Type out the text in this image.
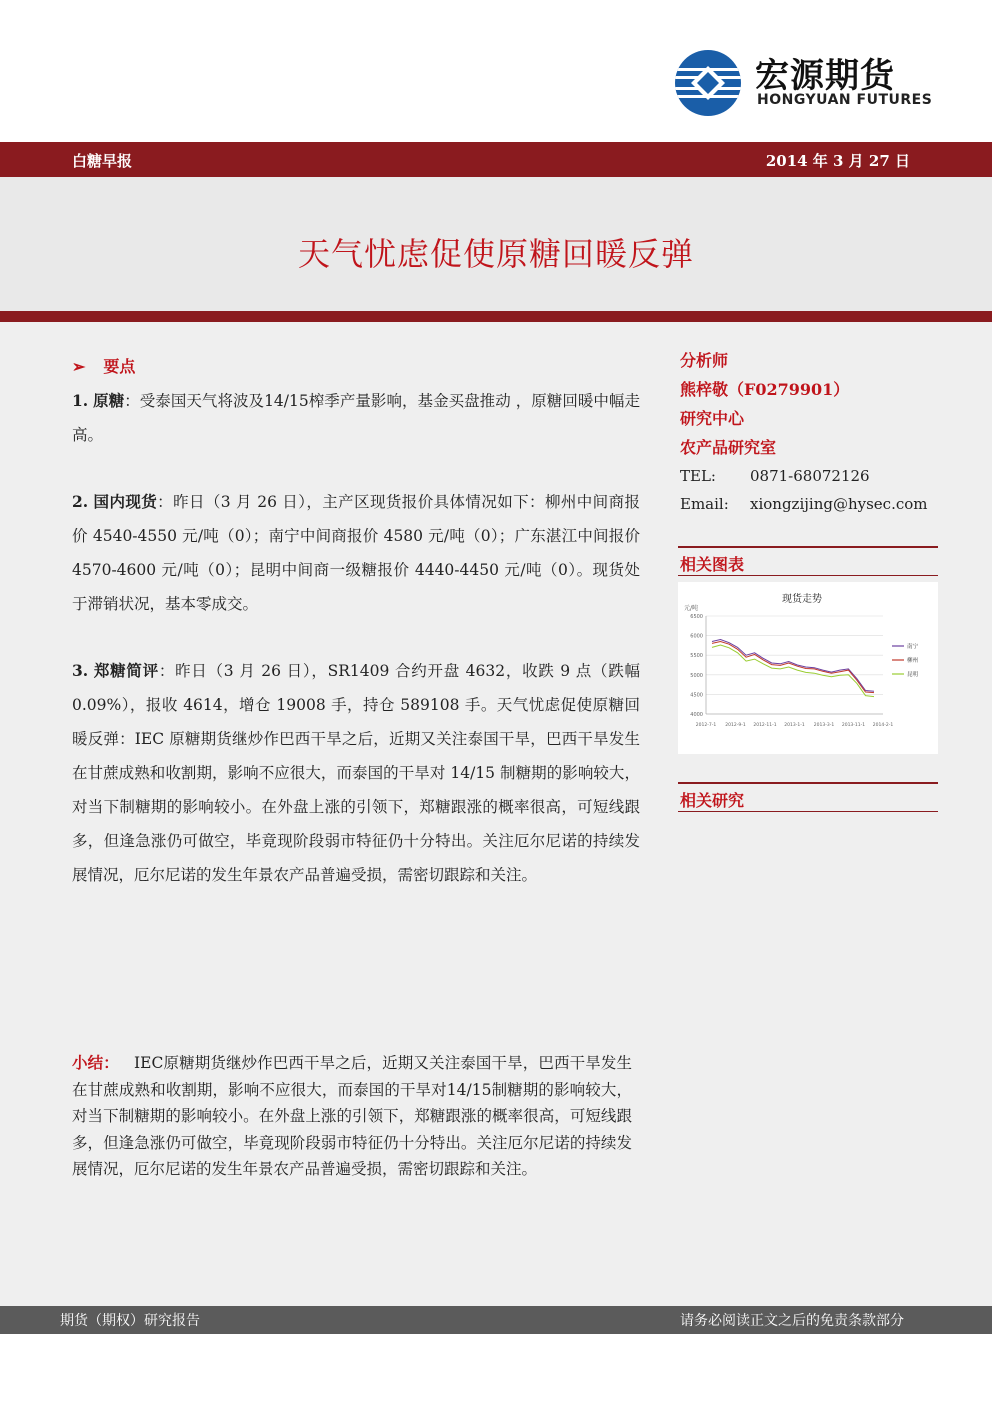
宏源期货
HONGYUAN FUTURES
白糖早报	2014 年 3 月 27 日
天气忧虑促使原糖回暖反弹
➢ 要点

1. 原糖：受泰国天气将波及14/15榨季产量影响，基金买盘推动 ，原糖回暖中幅走高。

2. 国内现货：昨日（3 月 26 日），主产区现货报价具体情况如下：柳州中间商报价 4540-4550 元/吨（0）；南宁中间商报价 4580 元/吨（0）；广东湛江中间报价 4570-4600 元/吨（0）；昆明中间商一级糖报价 4440-4450 元/吨（0）。现货处于滞销状况，基本零成交。

3. 郑糖简评：昨日（3 月 26 日），SR1409 合约开盘 4632，收跌 9 点（跌幅0.09%），报收 4614，增仓 19008 手，持仓 589108 手。天气忧虑促使原糖回暖反弹：IEC 原糖期货继炒作巴西干旱之后，近期又关注泰国干旱，巴西干旱发生在甘蔗成熟和收割期，影响不应很大，而泰国的干旱对 14/15 制糖期的影响较大，对当下制糖期的影响较小。在外盘上涨的引领下，郑糖跟涨的概率很高，可短线跟多，但逢急涨仍可做空，毕竟现阶段弱市特征仍十分特出。关注厄尔尼诺的持续发展情况，厄尔尼诺的发生年景农产品普遍受损，需密切跟踪和关注。

小结： IEC原糖期货继炒作巴西干旱之后，近期又关注泰国干旱，巴西干旱发生在甘蔗成熟和收割期，影响不应很大，而泰国的干旱对14/15制糖期的影响较大，对当下制糖期的影响较小。在外盘上涨的引领下，郑糖跟涨的概率很高，可短线跟多，但逢急涨仍可做空，毕竟现阶段弱市特征仍十分特出。关注厄尔尼诺的持续发展情况，厄尔尼诺的发生年景农产品普遍受损，需密切跟踪和关注。
分析师
熊梓敬（F0279901）
研究中心
农产品研究室
TEL: 0871-68072126
Email: xiongzijing@hysec.com
相关图表
现货走势
元/吨
4000
4500
5000
5500
6000
6500
2012-7-1 2012-9-1 2012-11-1 2013-1-1 2013-3-1 2013-11-1 2014-2-1
南宁
柳州
昆明
相关研究
期货（期权）研究报告	请务必阅读正文之后的免责条款部分
